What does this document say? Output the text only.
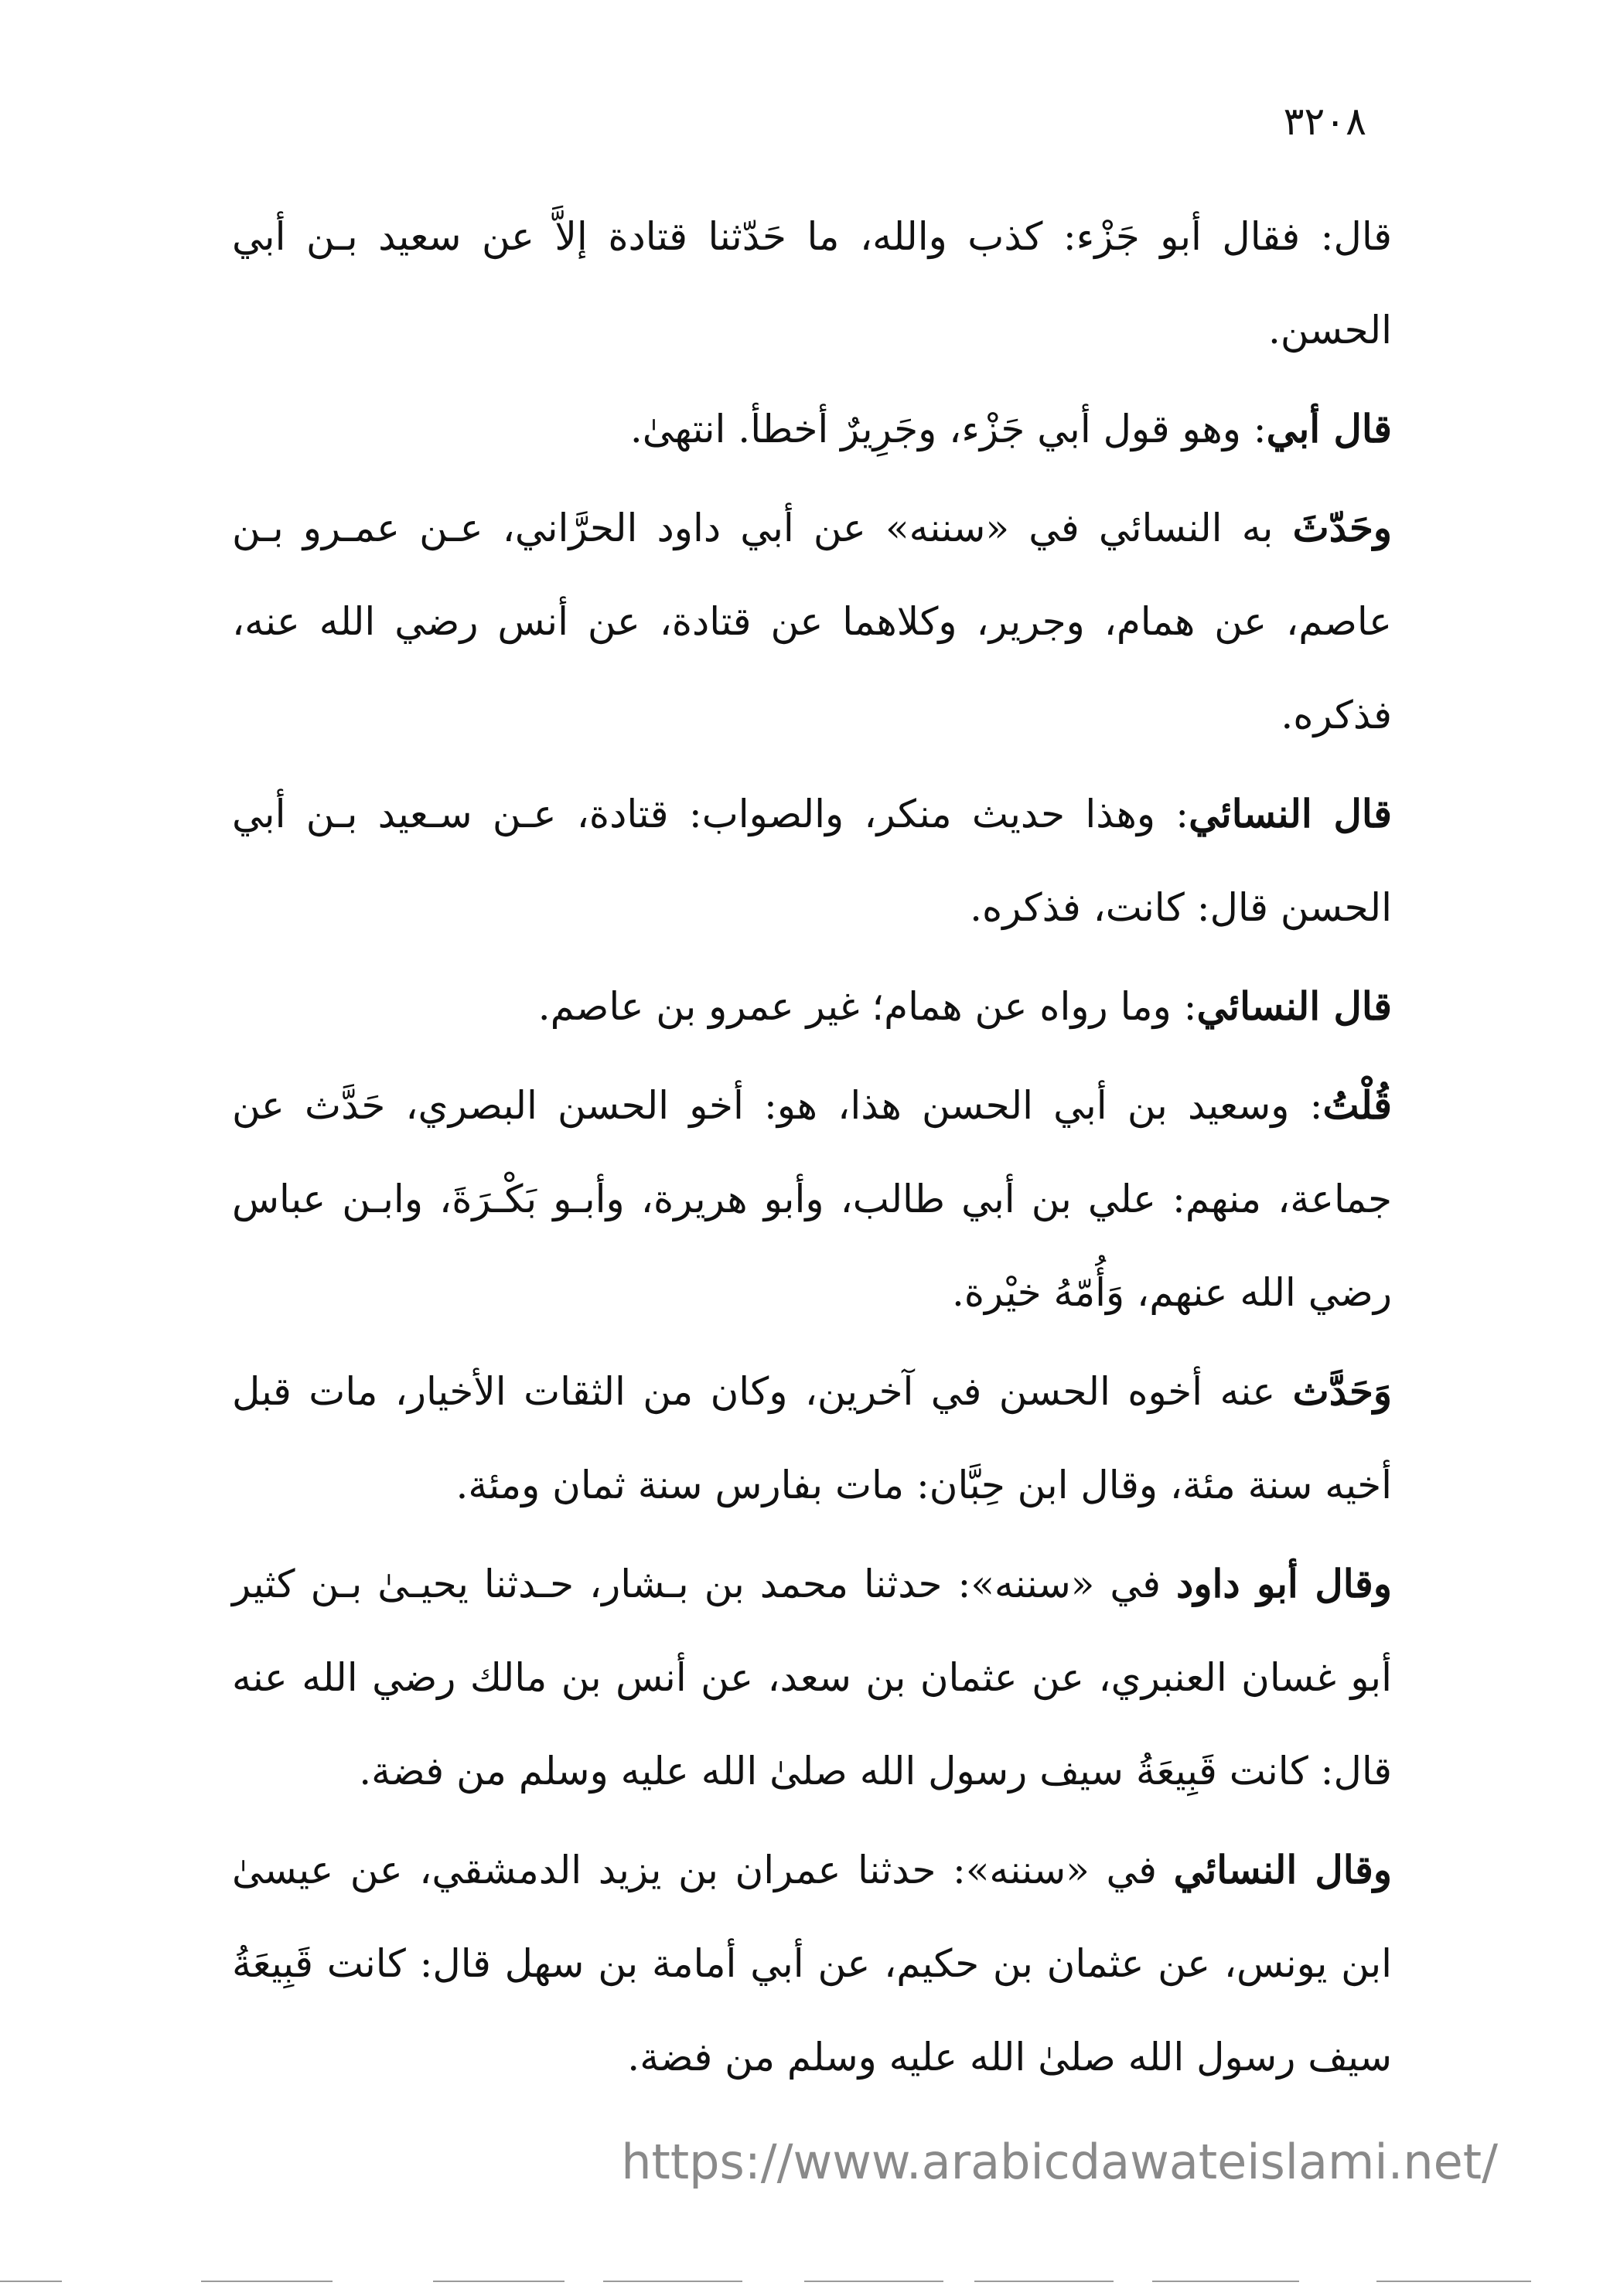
٣٢٠٨

قال: فقال أبو جَزْء: كذب والله، ما حَدّثنا قتادة إلاَّ عن سعيد بـن أبي الحسن.

قال أبي: وهو قول أبي جَزْء، وجَرِيرٌ أخطأ. انتهىٰ.

وحَدّثَ به النسائي في «سننه» عن أبي داود الحرَّاني، عـن عمـرو بـن عاصم، عن همام، وجرير، وكلاهما عن قتادة، عن أنس رضي الله عنه، فذكره.

قال النسائي: وهذا حديث منكر، والصواب: قتادة، عـن سـعيد بـن أبي الحسن قال: كانت، فذكره.

قال النسائي: وما رواه عن همام؛ غير عمرو بن عاصم.

قُلْتُ: وسعيد بن أبي الحسن هذا، هو: أخو الحسن البصري، حَدَّث عن جماعة، منهم: علي بن أبي طالب، وأبو هريرة، وأبـو بَكْـرَةَ، وابـن عباس رضي الله عنهم، وَأُمّهُ خيْرة.

وَحَدَّث عنه أخوه الحسن في آخرين، وكان من الثقات الأخيار، مات قبل أخيه سنة مئة، وقال ابن حِبَّان: مات بفارس سنة ثمان ومئة.

وقال أبو داود في «سننه»: حدثنا محمد بن بـشار، حـدثنا يحيـىٰ بـن كثير أبو غسان العنبري، عن عثمان بن سعد، عن أنس بن مالك رضي الله عنه قال: كانت قَبِيعَةُ سيف رسول الله صلىٰ الله عليه وسلم من فضة.

وقال النسائي في «سننه»: حدثنا عمران بن يزيد الدمشقي، عن عيسىٰ ابن يونس، عن عثمان بن حكيم، عن أبي أمامة بن سهل قال: كانت قَبِيعَةُ سيف رسول الله صلىٰ الله عليه وسلم من فضة.

https://www.arabicdawateislami.net/
